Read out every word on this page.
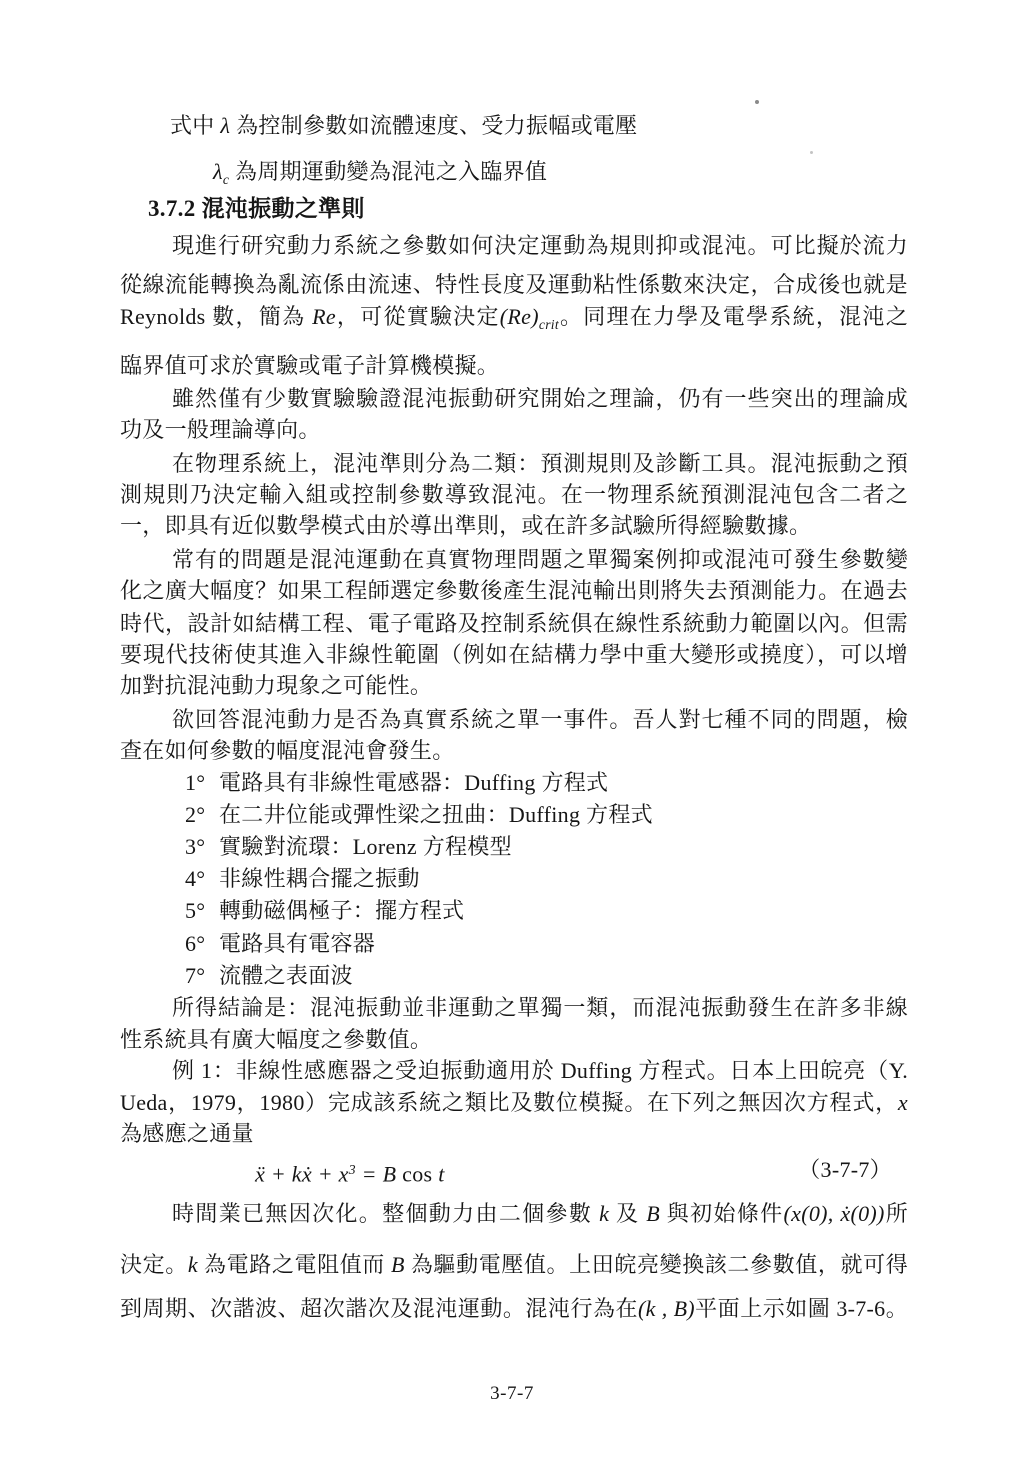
式中 λ 為控制參數如流體速度、受力振幅或電壓
$\lambda_c$ 為周期運動變為混沌之入臨界值
3.7.2 混沌振動之準則
現進行研究動力系統之參數如何決定運動為規則抑或混沌。可比擬於流力
從線流能轉換為亂流係由流速、特性長度及運動粘性係數來決定，合成後也就是
Reynolds 數，簡為 Re，可從實驗決定$(Re)_{crit}$。同理在力學及電學系統，混沌之
臨界值可求於實驗或電子計算機模擬。
雖然僅有少數實驗驗證混沌振動研究開始之理論，仍有一些突出的理論成
功及一般理論導向。
在物理系統上，混沌準則分為二類：預測規則及診斷工具。混沌振動之預
測規則乃決定輸入組或控制參數導致混沌。在一物理系統預測混沌包含二者之
一，即具有近似數學模式由於導出準則，或在許多試驗所得經驗數據。
常有的問題是混沌運動在真實物理問題之單獨案例抑或混沌可發生參數變
化之廣大幅度？如果工程師選定參數後產生混沌輸出則將失去預測能力。在過去
時代，設計如結構工程、電子電路及控制系統俱在線性系統動力範圍以內。但需
要現代技術使其進入非線性範圍（例如在結構力學中重大變形或撓度），可以增
加對抗混沌動力現象之可能性。
欲回答混沌動力是否為真實系統之單一事件。吾人對七種不同的問題，檢
查在如何參數的幅度混沌會發生。
1° 電路具有非線性電感器：Duffing 方程式
2° 在二井位能或彈性梁之扭曲：Duffing 方程式
3° 實驗對流環：Lorenz 方程模型
4° 非線性耦合擺之振動
5° 轉動磁偶極子：擺方程式
6° 電路具有電容器
7° 流體之表面波
所得結論是：混沌振動並非運動之單獨一類，而混沌振動發生在許多非線
性系統具有廣大幅度之參數值。
例 1：非線性感應器之受迫振動適用於 Duffing 方程式。日本上田皖亮（Y.
Ueda，1979，1980）完成該系統之類比及數位模擬。在下列之無因次方程式，x
為感應之通量
ẍ + kẋ + $x^3 = B$ cos t	（3-7-7）
時間業已無因次化。整個動力由二個參數 k 及 B 與初始條件(x(0), ẋ(0))所
決定。k 為電路之電阻值而 B 為驅動電壓值。上田皖亮變換該二參數值，就可得
到周期、次諧波、超次諧次及混沌運動。混沌行為在(k , B)平面上示如圖 3-7-6。
3-7-7
